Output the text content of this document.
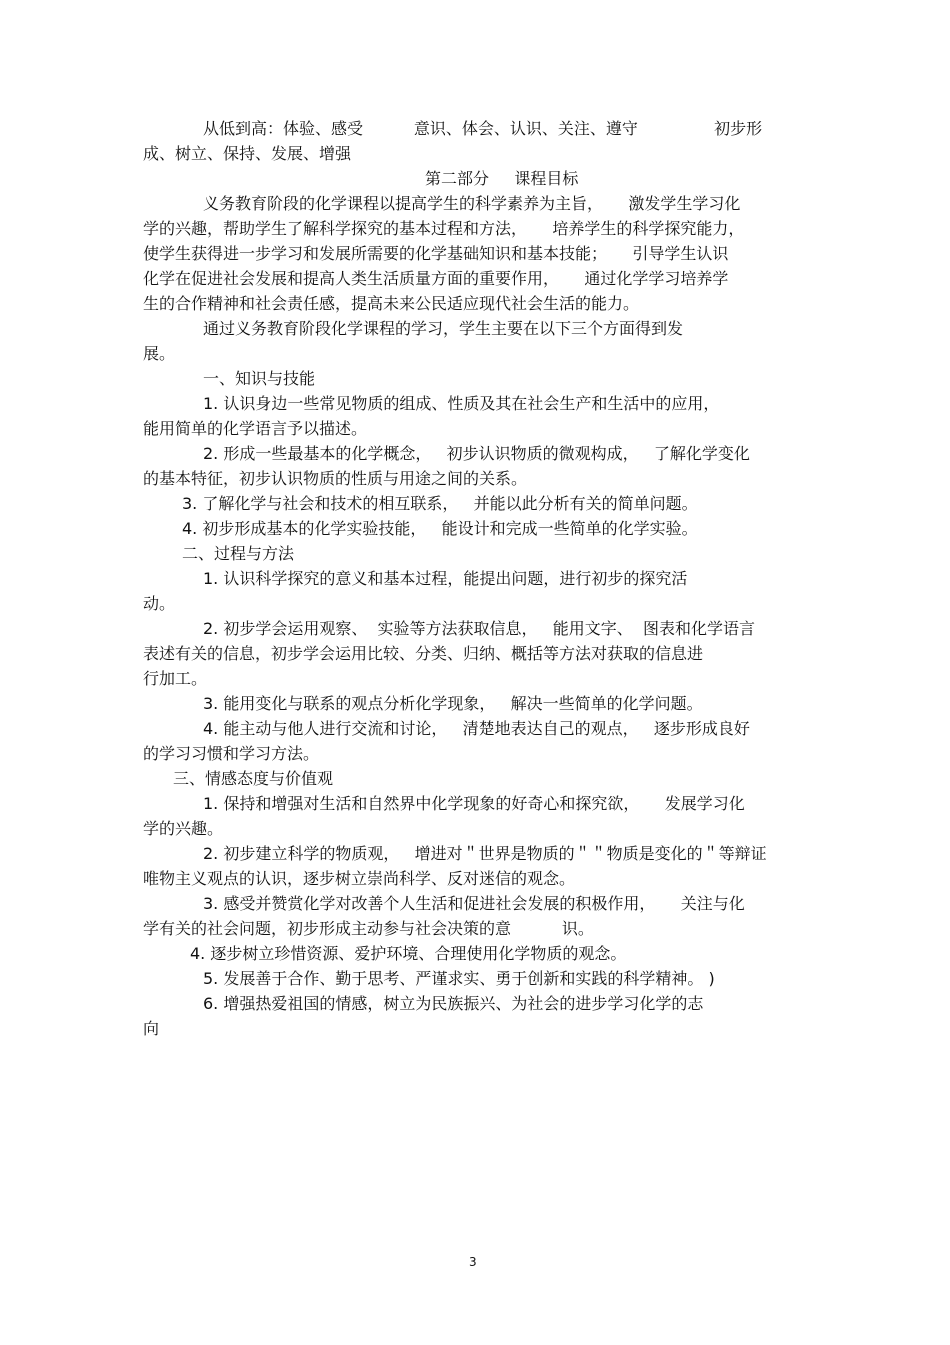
从低到高：体验、感受          意识、体会、认识、关注、遵守               初步形
成、树立、保持、发展、增强
第二部分     课程目标
义务教育阶段的化学课程以提高学生的科学素养为主旨，     激发学生学习化
学的兴趣，帮助学生了解科学探究的基本过程和方法，     培养学生的科学探究能力，
使学生获得进一步学习和发展所需要的化学基础知识和基本技能；     引导学生认识
化学在促进社会发展和提高人类生活质量方面的重要作用，     通过化学学习培养学
生的合作精神和社会责任感，提高未来公民适应现代社会生活的能力。
通过义务教育阶段化学课程的学习，学生主要在以下三个方面得到发
展。
一、知识与技能
1. 认识身边一些常见物质的组成、性质及其在社会生产和生活中的应用，
能用简单的化学语言予以描述。
2. 形成一些最基本的化学概念，   初步认识物质的微观构成，   了解化学变化
的基本特征，初步认识物质的性质与用途之间的关系。
3. 了解化学与社会和技术的相互联系，   并能以此分析有关的简单问题。
4. 初步形成基本的化学实验技能，   能设计和完成一些简单的化学实验。
二、过程与方法
1. 认识科学探究的意义和基本过程，能提出问题，进行初步的探究活
动。
2. 初步学会运用观察、  实验等方法获取信息，   能用文字、  图表和化学语言
表述有关的信息，初步学会运用比较、分类、归纳、概括等方法对获取的信息进
行加工。
3. 能用变化与联系的观点分析化学现象，   解决一些简单的化学问题。
4. 能主动与他人进行交流和讨论，   清楚地表达自己的观点，   逐步形成良好
的学习习惯和学习方法。
三、情感态度与价值观
1. 保持和增强对生活和自然界中化学现象的好奇心和探究欲，     发展学习化
学的兴趣。
2. 初步建立科学的物质观，   增进对＂世界是物质的＂＂物质是变化的＂等辩证
唯物主义观点的认识，逐步树立崇尚科学、反对迷信的观念。
3. 感受并赞赏化学对改善个人生活和促进社会发展的积极作用，     关注与化
学有关的社会问题，初步形成主动参与社会决策的意          识。
4. 逐步树立珍惜资源、爱护环境、合理使用化学物质的观念。
5. 发展善于合作、勤于思考、严谨求实、勇于创新和实践的科学精神。 )
6. 增强热爱祖国的情感，树立为民族振兴、为社会的进步学习化学的志
向
3
